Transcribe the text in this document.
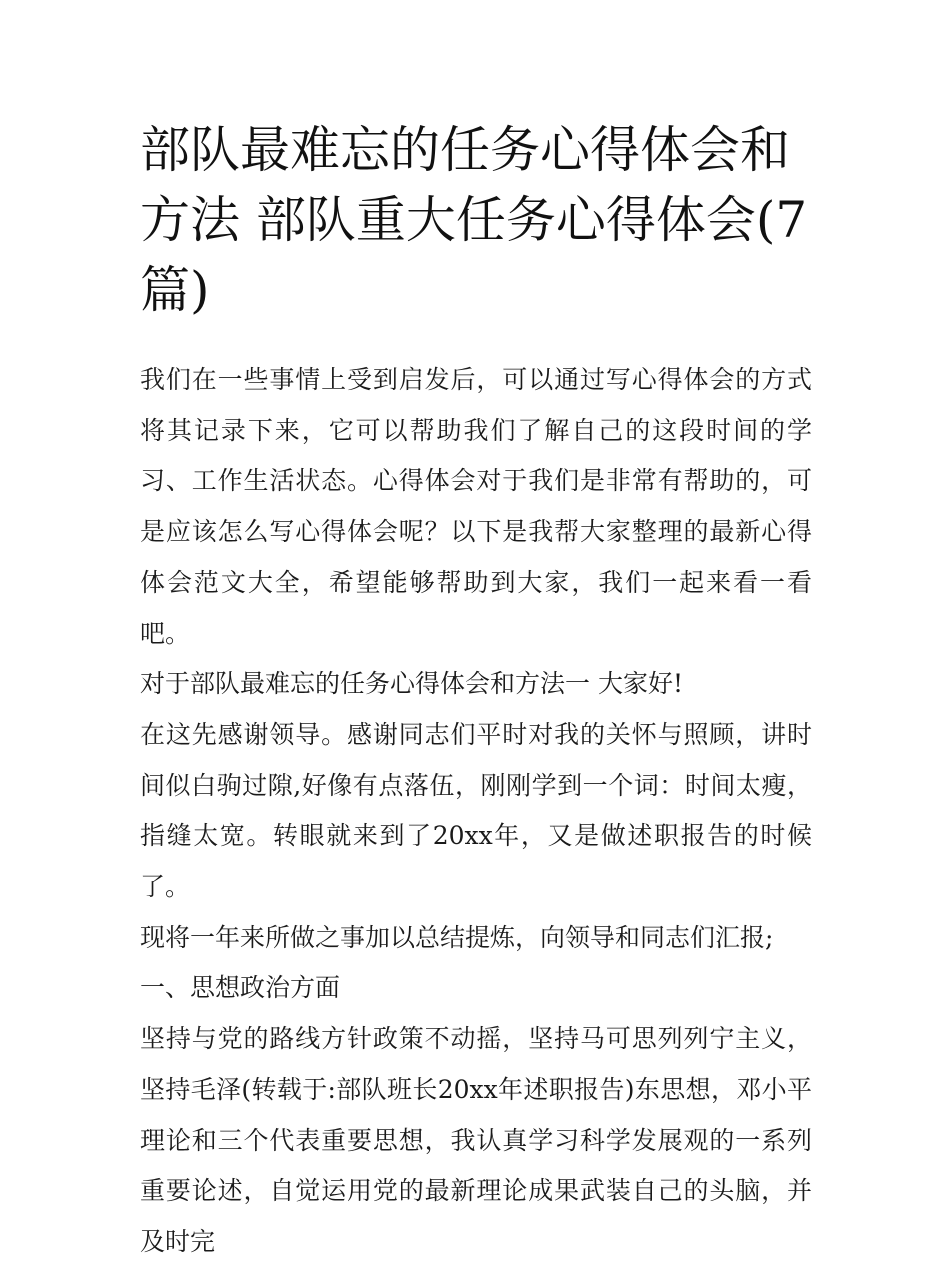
部队最难忘的任务心得体会和方法 部队重大任务心得体会(7篇)

我们在一些事情上受到启发后，可以通过写心得体会的方式将其记录下来，它可以帮助我们了解自己的这段时间的学习、工作生活状态。心得体会对于我们是非常有帮助的，可是应该怎么写心得体会呢？以下是我帮大家整理的最新心得体会范文大全，希望能够帮助到大家，我们一起来看一看吧。

对于部队最难忘的任务心得体会和方法一 大家好!

在这先感谢领导。感谢同志们平时对我的关怀与照顾，讲时间似白驹过隙,好像有点落伍，刚刚学到一个词：时间太瘦，指缝太宽。转眼就来到了20xx年，又是做述职报告的时候了。

现将一年来所做之事加以总结提炼，向领导和同志们汇报;

一、思想政治方面

坚持与党的路线方针政策不动摇，坚持马可思列列宁主义，坚持毛泽(转载于:部队班长20xx年述职报告)东思想，邓小平理论和三个代表重要思想，我认真学习科学发展观的一系列重要论述，自觉运用党的最新理论成果武装自己的头脑，并及时完
